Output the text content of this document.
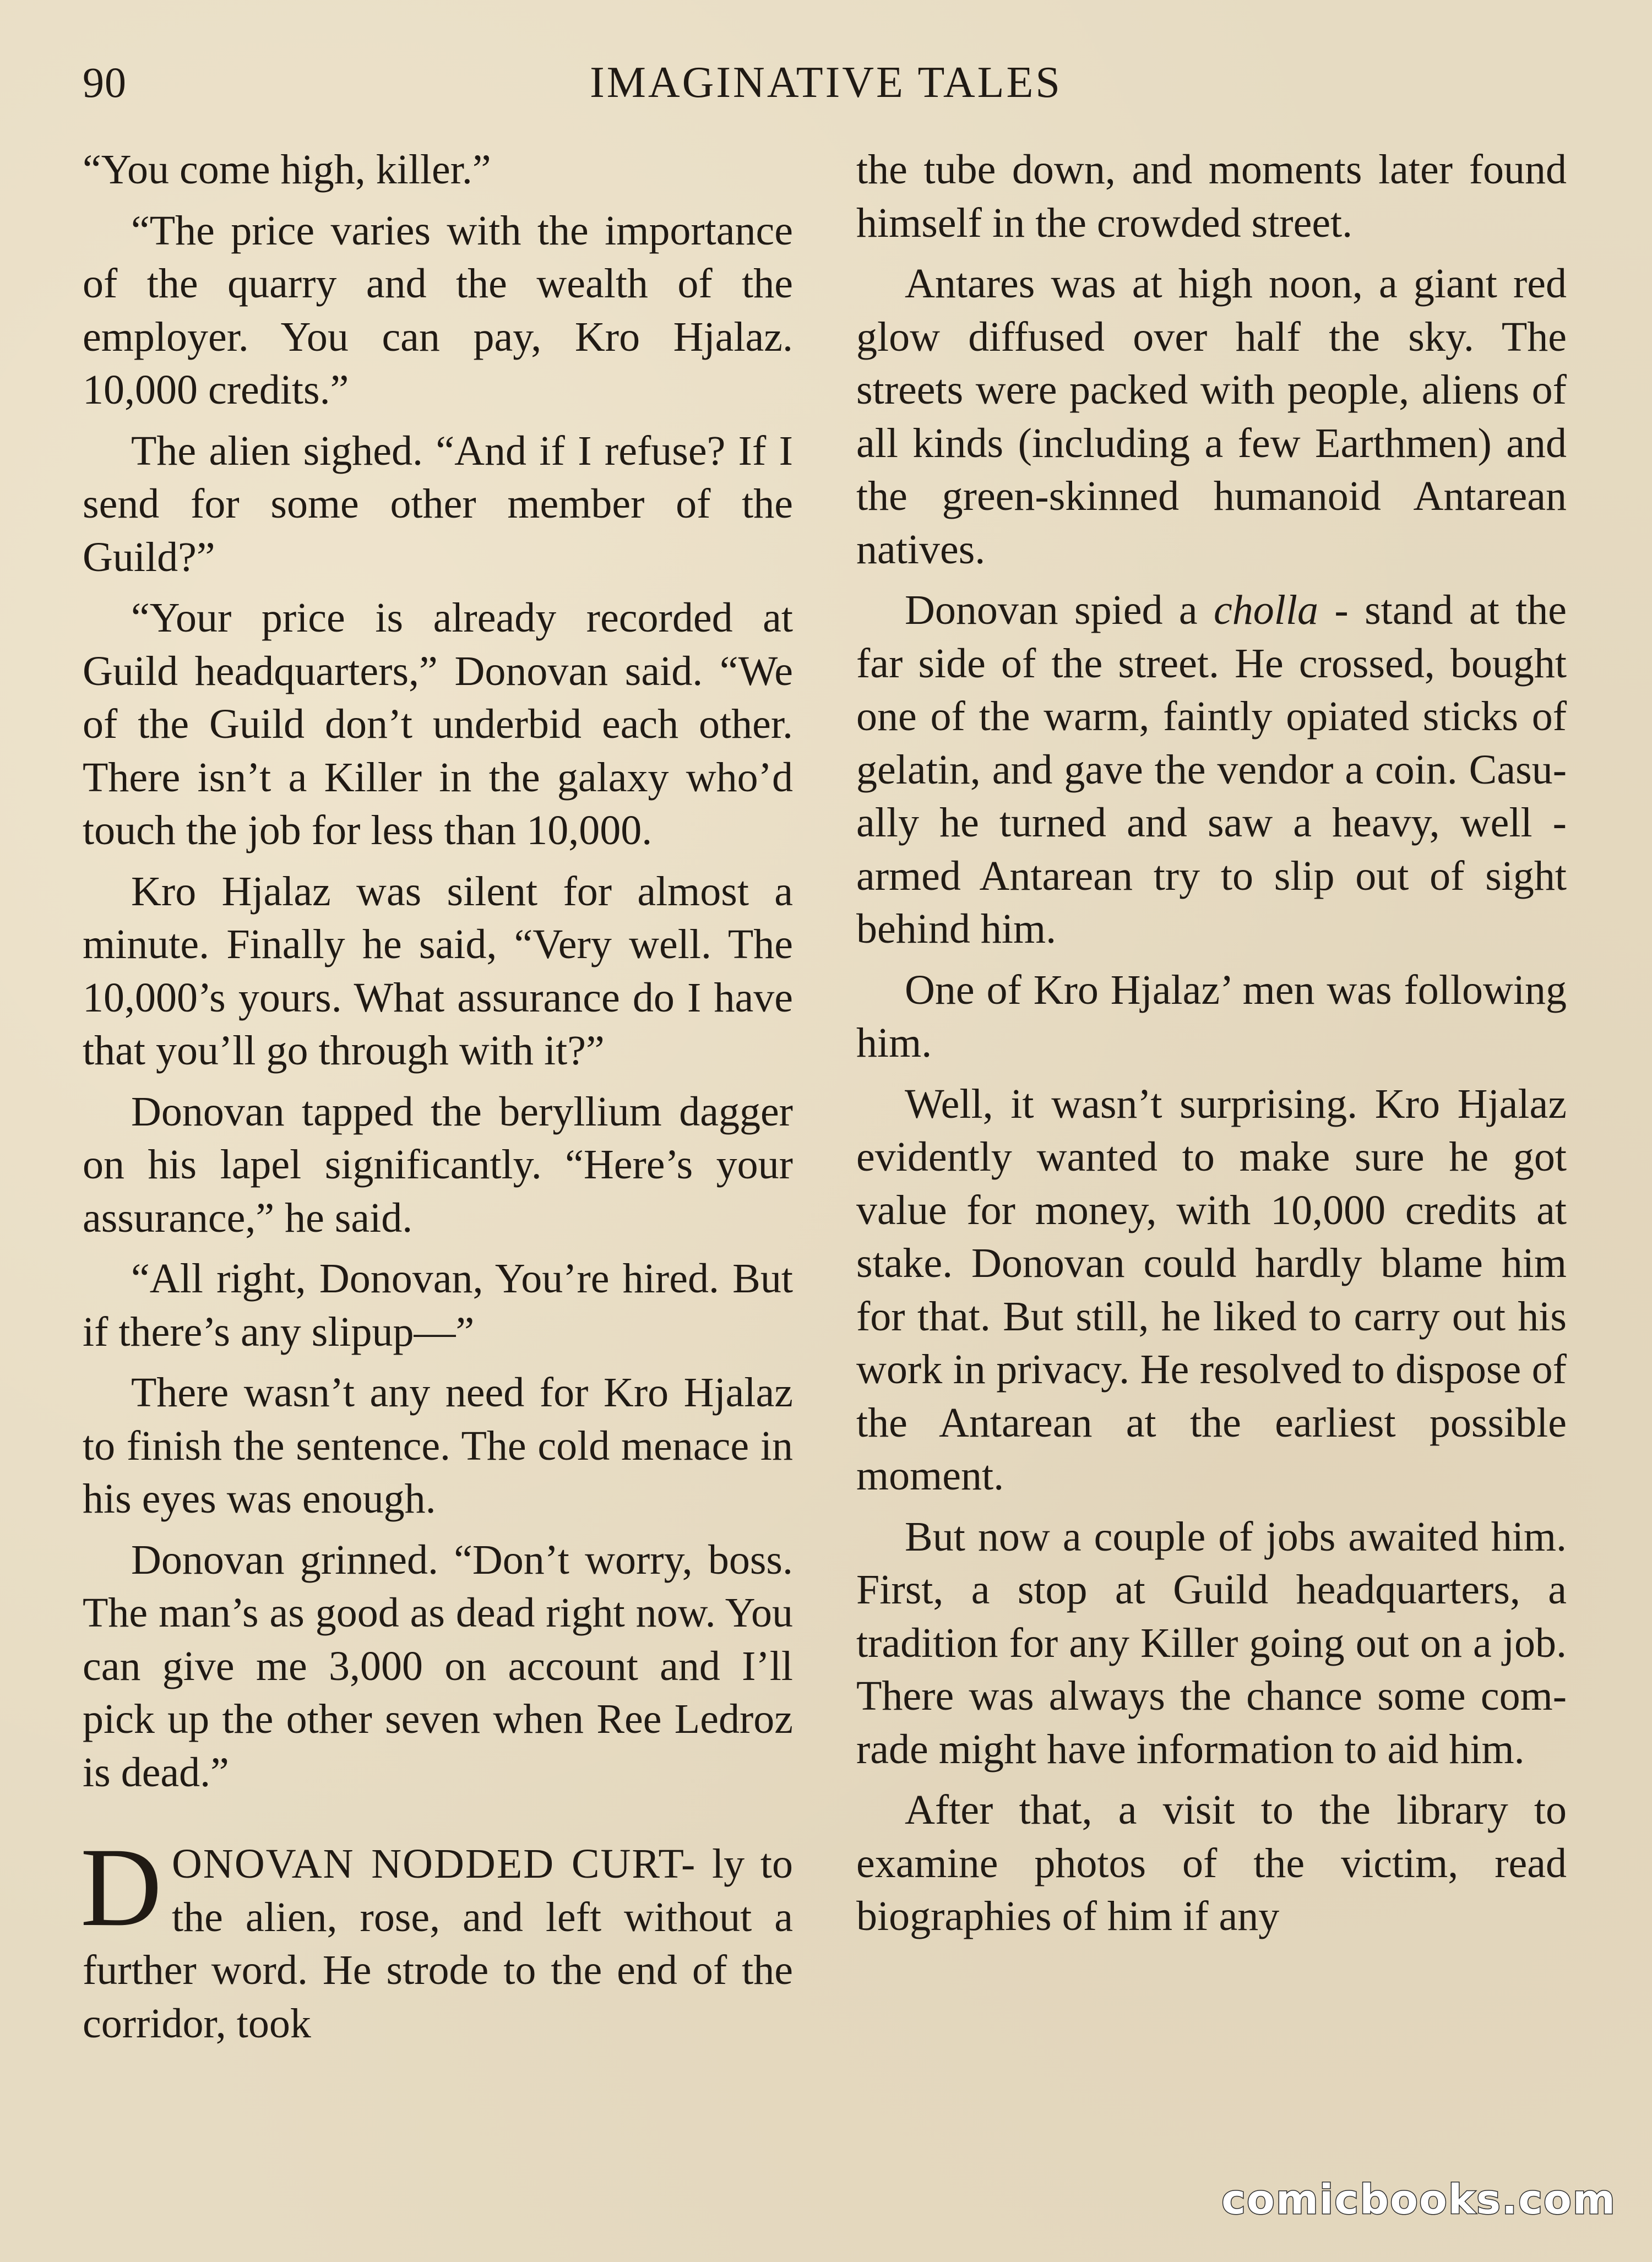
90	IMAGINATIVE TALES

“You come high, killer.”

“The price varies with the importance of the quarry and the wealth of the employer. You can pay, Kro Hjalaz. 10,000 credits.”

The alien sighed. “And if I refuse? If I send for some other member of the Guild?”

“Your price is already recorded at Guild headquarters,” Donovan said. “We of the Guild don’t underbid each other. There isn’t a Killer in the galaxy who’d touch the job for less than 10,000.

Kro Hjalaz was silent for almost a minute. Finally he said, “Very well. The 10,000’s yours. What assurance do I have that you’ll go through with it?”

Donovan tapped the beryllium dagger on his lapel significantly. “Here’s your assurance,” he said.

“All right, Donovan, You’re hired. But if there’s any slipup—”

There wasn’t any need for Kro Hjalaz to finish the sentence. The cold menace in his eyes was enough.

Donovan grinned. “Don’t worry, boss. The man’s as good as dead right now. You can give me 3,000 on account and I’ll pick up the other seven when Ree Ledroz is dead.”

DONOVAN NODDED CURT- ly to the alien, rose, and left without a further word. He strode to the end of the corridor, took

the tube down, and moments later found himself in the crowded street.

Antares was at high noon, a giant red glow diffused over half the sky. The streets were packed with people, aliens of all kinds (including a few Earthmen) and the green-skinned humanoid Antarean natives.

Donovan spied a cholla - stand at the far side of the street. He crossed, bought one of the warm, faintly opiated sticks of gelatin, and gave the vendor a coin. Casually he turned and saw a heavy, well - armed Antarean try to slip out of sight behind him.

One of Kro Hjalaz’ men was following him.

Well, it wasn’t surprising. Kro Hjalaz evidently wanted to make sure he got value for money, with 10,000 credits at stake. Donovan could hardly blame him for that. But still, he liked to carry out his work in privacy. He resolved to dispose of the Antarean at the earliest possible moment.

But now a couple of jobs awaited him. First, a stop at Guild headquarters, a tradition for any Killer going out on a job. There was always the chance some comrade might have information to aid him.

After that, a visit to the library to examine photos of the victim, read biographies of him if any

comicbooks.com
